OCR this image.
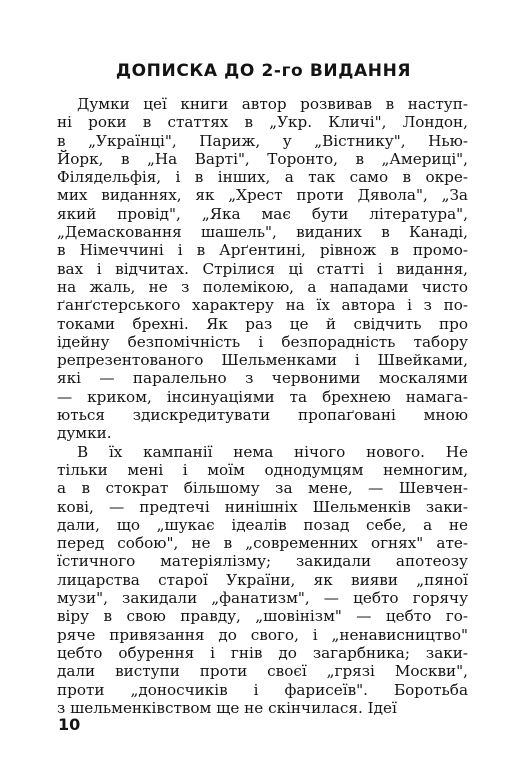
ДОПИСКА ДО 2-го ВИДАННЯ
Думки цеї книги автор розвивав в наступ-
ні роки в статтях в „Укр. Кличі", Лондон,
в „Українці", Париж, у „Вістнику", Нью-
Йорк, в „На Варті", Торонто, в „Америці",
Філядельфія, і в інших, а так само в окре-
мих виданнях, як „Хрест проти Дявола", „За
який провід", „Яка має бути література",
„Демасковання шашель", виданих в Канаді,
в Німеччині і в Арґентині, рівнож в промо-
вах і відчитах. Стрілися ці статті і видання,
на жаль, не з полемікою, а нападами чисто
ґанґстерського характеру на їх автора і з по-
токами брехні. Як раз це й свідчить про
ідейну безпомічність і безпорадність табору
репрезентованого Шельменками і Швейками,
які — паралельно з червоними москалями
— криком, інсинуаціями та брехнею намага-
ються здискредитувати пропаґовані мною
думки.
В їх кампанії нема нічого нового. Не
тільки мені і моїм однодумцям немногим,
а в стократ більшому за мене, — Шевчен-
кові, — предтечі нинішніх Шельменків заки-
дали, що „шукає ідеалів позад себе, а не
перед собою", не в „современних огнях" ате-
їстичного матеріялізму; закидали апотеозу
лицарства старої України, як вияви „пяної
музи", закидали „фанатизм", — цебто горячу
віру в свою правду, „шовінізм" — цебто го-
ряче привязання до свого, і „ненависництво"
цебто обурення і гнів до загарбника; заки-
дали виступи проти своєї „грязі Москви",
проти „доносчиків і фарисеїв". Боротьба
з шельменківством ще не скінчилася. Ідеї
10
